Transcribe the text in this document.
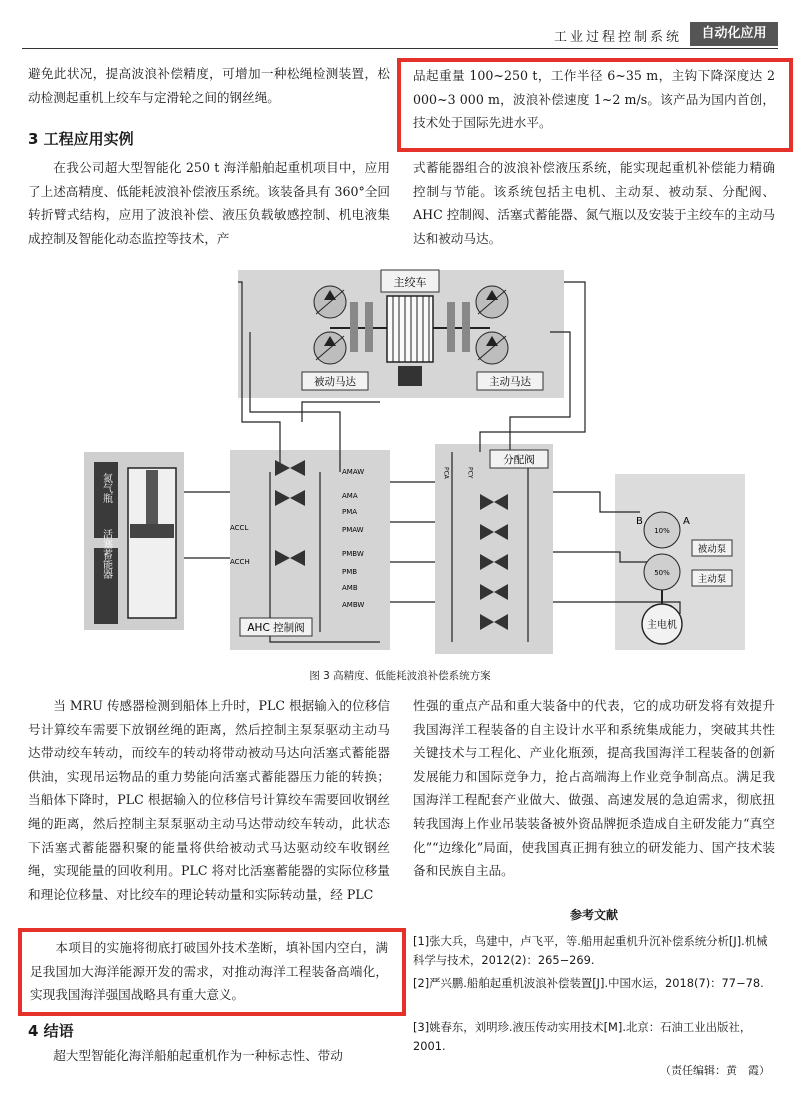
工业过程控制系统	自动化应用

避免此状况，提高波浪补偿精度，可增加一种松绳检测装置，松动检测起重机上绞车与定滑轮之间的钢丝绳。

3 工程应用实例

在我公司超大型智能化 250 t 海洋船舶起重机项目中，应用了上述高精度、低能耗波浪补偿液压系统。该装备具有 360°全回转折臂式结构，应用了波浪补偿、液压负载敏感控制、机电液集成控制及智能化动态监控等技术，产

品起重量 100~250 t，工作半径 6~35 m，主钩下降深度达 2 000~3 000 m，波浪补偿速度 1~2 m/s。该产品为国内首创，技术处于国际先进水平。

式蓄能器组合的波浪补偿液压系统，能实现起重机补偿能力精确控制与节能。该系统包括主电机、主动泵、被动泵、分配阀、AHC 控制阀、活塞式蓄能器、氮气瓶以及安装于主绞车的主动马达和被动马达。

主绞车
被动马达	主动马达
氮气瓶
活塞蓄能器
AMAW
AMA
PMA
PMAW
PMBW
PMB
AMB
AMBW
ACCL
ACCH
AHC 控制阀
分配阀
PCA	PCY
10%
50%
B	A
被动泵
主动泵
主电机
图 3 高精度、低能耗波浪补偿系统方案

当 MRU 传感器检测到船体上升时，PLC 根据输入的位移信号计算绞车需要下放钢丝绳的距离，然后控制主泵泵驱动主动马达带动绞车转动，而绞车的转动将带动被动马达向活塞式蓄能器供油，实现吊运物品的重力势能向活塞式蓄能器压力能的转换；当船体下降时，PLC 根据输入的位移信号计算绞车需要回收钢丝绳的距离，然后控制主泵泵驱动主动马达带动绞车转动，此状态下活塞式蓄能器积聚的能量将供给被动式马达驱动绞车收钢丝绳，实现能量的回收利用。PLC 将对比活塞蓄能器的实际位移量和理论位移量、对比绞车的理论转动量和实际转动量，经 PLC

本项目的实施将彻底打破国外技术垄断，填补国内空白，满足我国加大海洋能源开发的需求，对推动海洋工程装备高端化，实现我国海洋强国战略具有重大意义。

4 结语

超大型智能化海洋船舶起重机作为一种标志性、带动

性强的重点产品和重大装备中的代表，它的成功研发将有效提升我国海洋工程装备的自主设计水平和系统集成能力，突破其共性关键技术与工程化、产业化瓶颈，提高我国海洋工程装备的创新发展能力和国际竞争力，抢占高端海上作业竞争制高点。满足我国海洋工程配套产业做大、做强、高速发展的急迫需求，彻底扭转我国海上作业吊装装备被外资品牌扼杀造成自主研发能力“真空化”“边缘化”局面，使我国真正拥有独立的研发能力、国产技术装备和民族自主品。

参考文献
[1]张大兵，鸟建中，卢飞平，等.船用起重机升沉补偿系统分析[J].机械科学与技术，2012(2)：265−269.
[2]严兴鹏.船舶起重机波浪补偿装置[J].中国水运，2018(7)：77−78.
[3]姚春东，刘明珍.液压传动实用技术[M].北京：石油工业出版社，2001.
（责任编辑：黄　霞）
